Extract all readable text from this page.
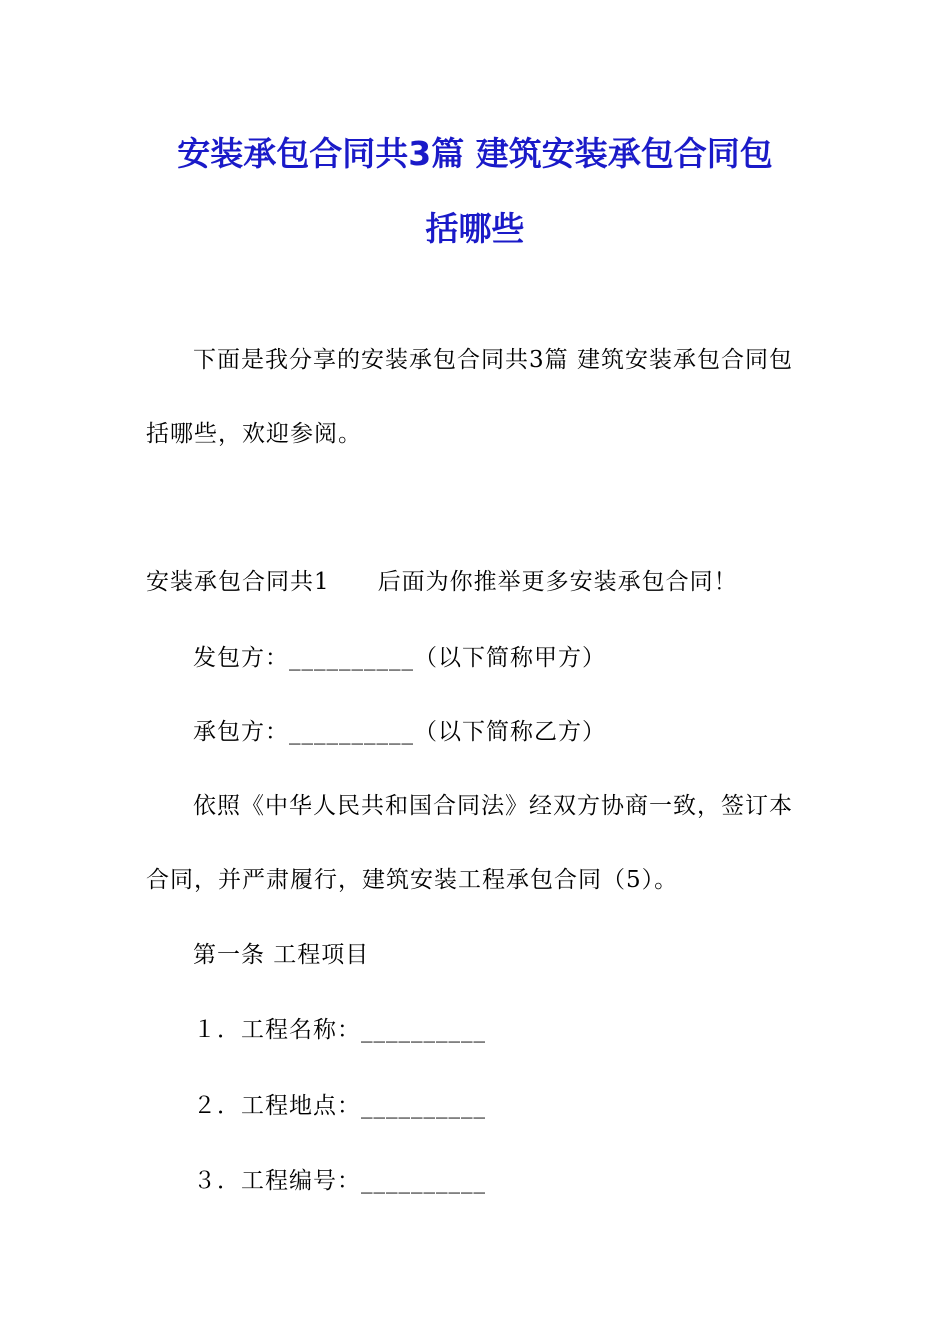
安装承包合同共3篇 建筑安装承包合同包
括哪些
下面是我分享的安装承包合同共3篇 建筑安装承包合同包
括哪些，欢迎参阅。
安装承包合同共1　　后面为你推举更多安装承包合同！
发包方：__________（以下简称甲方）
承包方：__________（以下简称乙方）
依照《中华人民共和国合同法》经双方协商一致，签订本
合同，并严肃履行，建筑安装工程承包合同（5）。
第一条 工程项目
１．工程名称：__________
２．工程地点：__________
３．工程编号：__________
